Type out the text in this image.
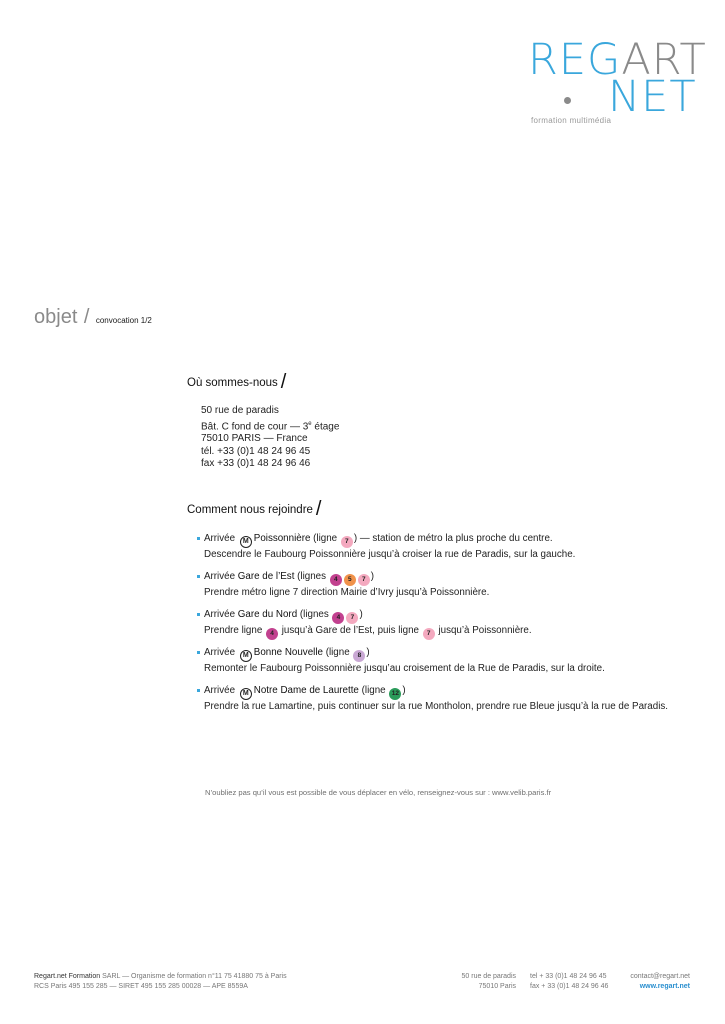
REGART
NET
formation multimédia
objet / convocation 1/2
Où sommes-nous /
50 rue de paradis
Bât. C fond de cour — 3e étage
75010 PARIS — France
tél. +33 (0)1 48 24 96 45
fax +33 (0)1 48 24 96 46
Comment nous rejoindre /
Arrivée M Poissonnière (ligne 7 ) — station de métro la plus proche du centre.
Descendre le Faubourg Poissonnière jusqu’à croiser la rue de Paradis, sur la gauche.
Arrivée Gare de l’Est (lignes 4 5 7 )
Prendre métro ligne 7 direction Mairie d’Ivry jusqu’à Poissonnière.
Arrivée Gare du Nord (lignes 4 7 )
Prendre ligne 4 jusqu’à Gare de l’Est, puis ligne 7 jusqu’à Poissonnière.
Arrivée M Bonne Nouvelle (ligne 8 )
Remonter le Faubourg Poissonnière jusqu’au croisement de la Rue de Paradis, sur la droite.
Arrivée M Notre Dame de Laurette (ligne 12 )
Prendre la rue Lamartine, puis continuer sur la rue Montholon, prendre rue Bleue jusqu’à la rue de Paradis.
N’oubliez pas qu’il vous est possible de vous déplacer en vélo, renseignez-vous sur : www.velib.paris.fr
Regart.net Formation SARL — Organisme de formation n°11 75 41880 75 à Paris
RCS Paris 495 155 285 — SIRET 495 155 285 00028 — APE 8559A
50 rue de paradis
75010 Paris
tel + 33 (0)1 48 24 96 45
fax + 33 (0)1 48 24 96 46
contact@regart.net
www.regart.net
